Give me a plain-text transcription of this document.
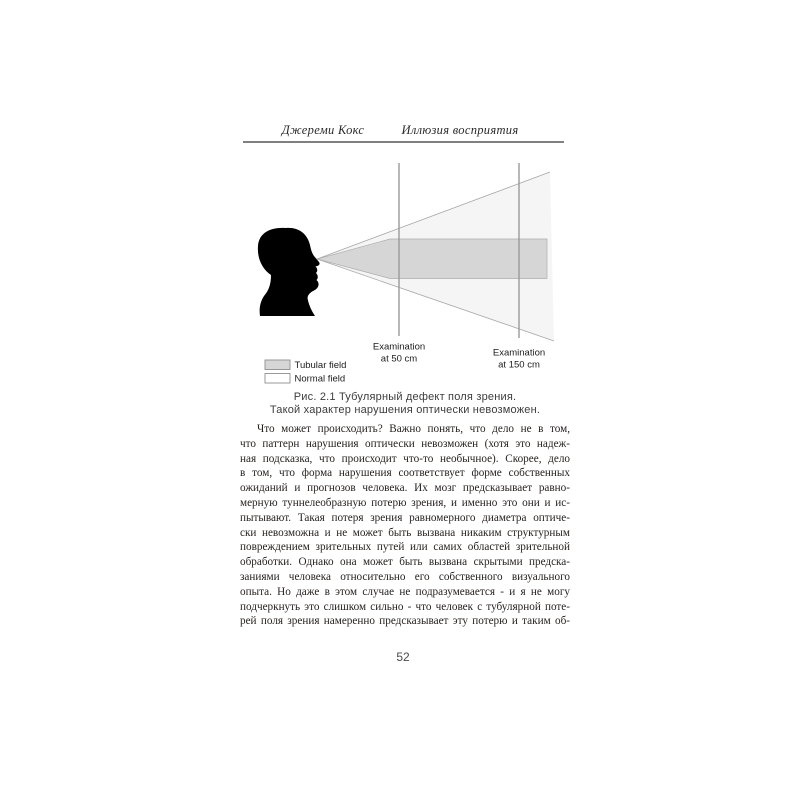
Джереми Кокс	Иллюзия восприятия
Examination
at 50 cm
Examination
at 150 cm
Tubular field
Normal field
Рис. 2.1 Тубулярный дефект поля зрения.
Такой характер нарушения оптически невозможен.
Что может происходить? Важно понять, что дело не в том,
что паттерн нарушения оптически невозможен (хотя это надеж-
ная подсказка, что происходит что-то необычное). Скорее, дело
в том, что форма нарушения соответствует форме собственных
ожиданий и прогнозов человека. Их мозг предсказывает равно-
мерную туннелеобразную потерю зрения, и именно это они и ис-
пытывают. Такая потеря зрения равномерного диаметра оптиче-
ски невозможна и не может быть вызвана никаким структурным
повреждением зрительных путей или самих областей зрительной
обработки. Однако она может быть вызвана скрытыми предска-
заниями человека относительно его собственного визуального
опыта. Но даже в этом случае не подразумевается - и я не могу
подчеркнуть это слишком сильно - что человек с тубулярной поте-
рей поля зрения намеренно предсказывает эту потерю и таким об-
52
